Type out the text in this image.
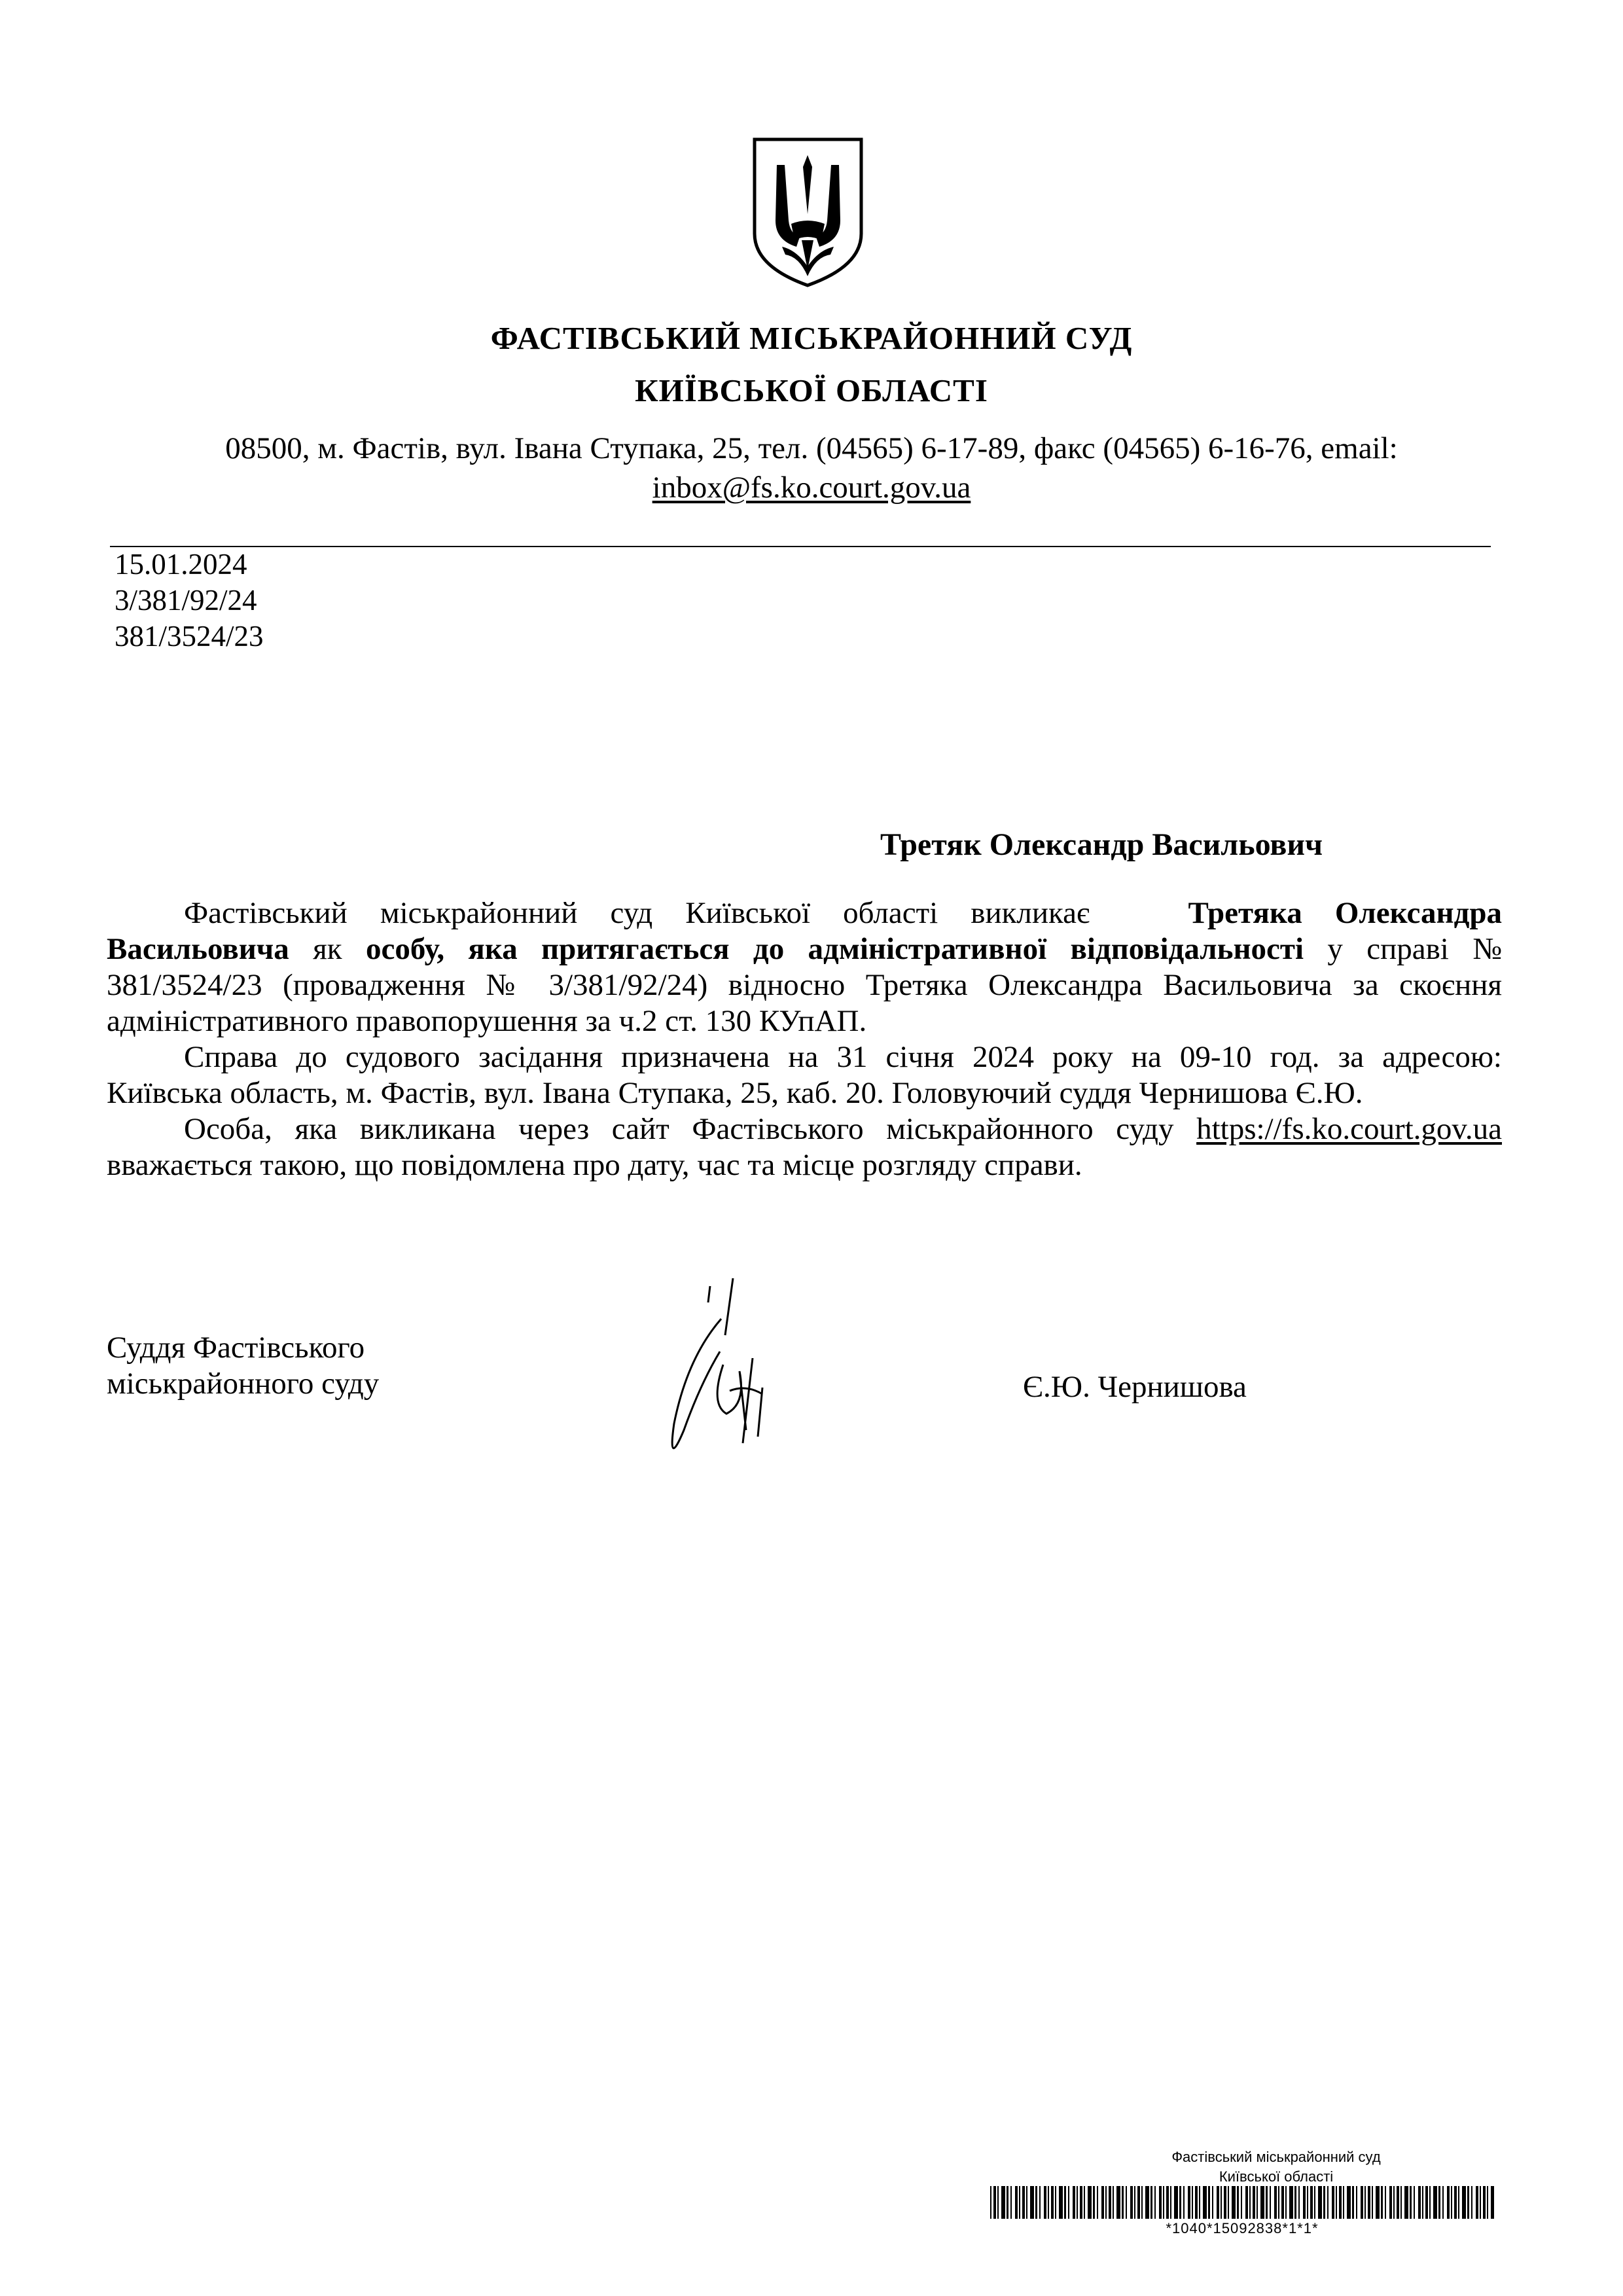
ФАСТІВСЬКИЙ МІСЬКРАЙОННИЙ СУД
КИЇВСЬКОЇ ОБЛАСТІ
08500, м. Фастів, вул. Івана Ступака, 25, тел. (04565) 6-17-89, факс (04565) 6-16-76, email:
inbox@fs.ko.court.gov.ua
15.01.2024
3/381/92/24
381/3524/23
Третяк Олександр Васильович
Фастівський міськрайонний суд Київської області викликає	Третяка Олександра
Васильовича як особу, яка притягається до адміністративної відповідальності у справі №
381/3524/23 (провадження № 3/381/92/24) відносно Третяка Олександра Васильовича за скоєння
адміністративного правопорушення за ч.2 ст. 130 КУпАП.
Справа до судового засідання призначена на 31 січня 2024 року на 09-10 год. за адресою:
Київська область, м. Фастів, вул. Івана Ступака, 25, каб. 20. Головуючий суддя Чернишова Є.Ю.
Особа, яка викликана через сайт Фастівського міськрайонного суду https://fs.ko.court.gov.ua
вважається такою, що повідомлена про дату, час та місце розгляду справи.
Суддя Фастівського
міськрайонного суду	Є.Ю. Чернишова
Фастівський міськрайонний суд
Київської області
*1040*15092838*1*1*
